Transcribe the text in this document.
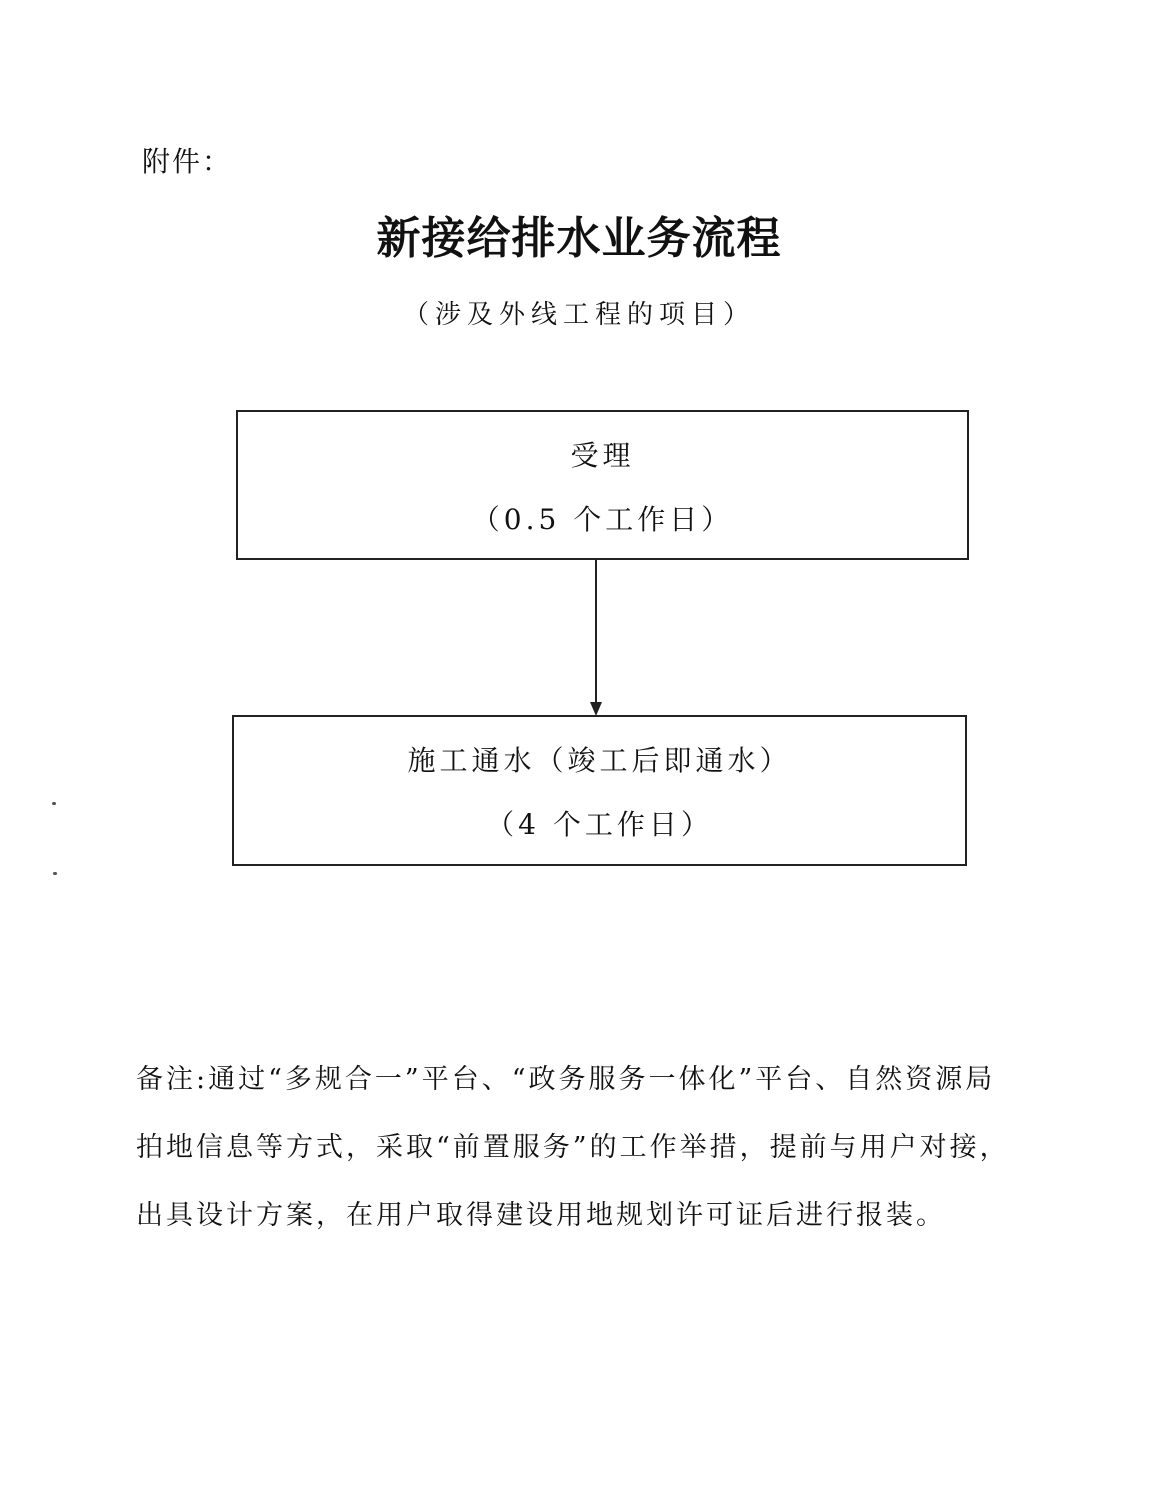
附件：
新接给排水业务流程
（涉及外线工程的项目）
受理
（0.5 个工作日）
施工通水（竣工后即通水）
（4 个工作日）
备注:通过“多规合一”平台、“政务服务一体化”平台、自然资源局
拍地信息等方式，采取“前置服务”的工作举措，提前与用户对接，
出具设计方案，在用户取得建设用地规划许可证后进行报装。
